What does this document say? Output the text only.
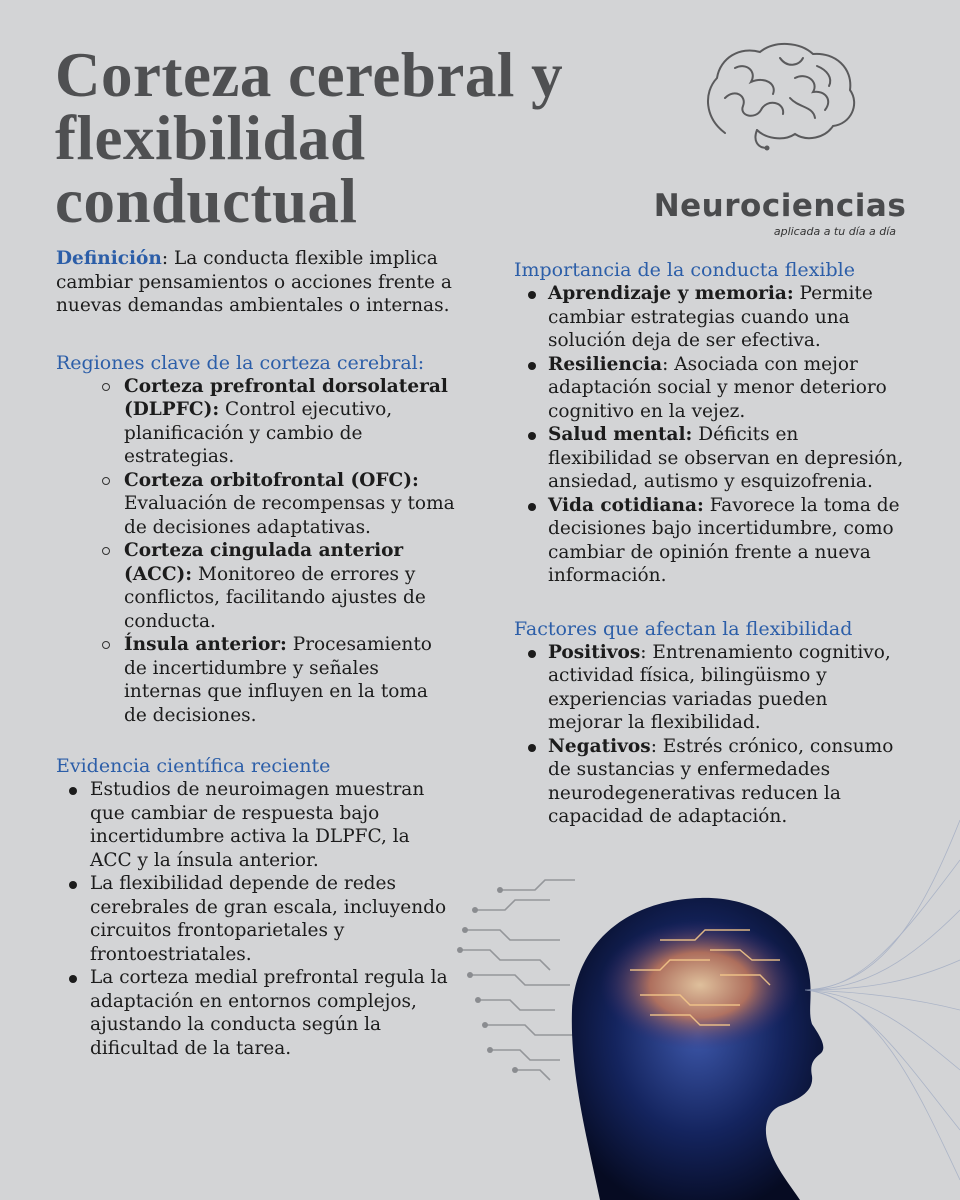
Corteza cerebral y flexibilidad conductual	Neurociencias
aplicada a tu día a día

Definición: La conducta flexible implica cambiar pensamientos o acciones frente a nuevas demandas ambientales o internas.

Regiones clave de la corteza cerebral:
Corteza prefrontal dorsolateral (DLPFC): Control ejecutivo, planificación y cambio de estrategias.
Corteza orbitofrontal (OFC): Evaluación de recompensas y toma de decisiones adaptativas.
Corteza cingulada anterior (ACC): Monitoreo de errores y conflictos, facilitando ajustes de conducta.
Ínsula anterior: Procesamiento de incertidumbre y señales internas que influyen en la toma de decisiones.
Evidencia científica reciente
Estudios de neuroimagen muestran que cambiar de respuesta bajo incertidumbre activa la DLPFC, la ACC y la ínsula anterior.
La flexibilidad depende de redes cerebrales de gran escala, incluyendo circuitos frontoparietales y frontoestriatales.
La corteza medial prefrontal regula la adaptación en entornos complejos, ajustando la conducta según la dificultad de la tarea.
Importancia de la conducta flexible
Aprendizaje y memoria: Permite cambiar estrategias cuando una solución deja de ser efectiva.
Resiliencia: Asociada con mejor adaptación social y menor deterioro cognitivo en la vejez.
Salud mental: Déficits en flexibilidad se observan en depresión, ansiedad, autismo y esquizofrenia.
Vida cotidiana: Favorece la toma de decisiones bajo incertidumbre, como cambiar de opinión frente a nueva información.
Factores que afectan la flexibilidad
Positivos: Entrenamiento cognitivo, actividad física, bilingüismo y experiencias variadas pueden mejorar la flexibilidad.
Negativos: Estrés crónico, consumo de sustancias y enfermedades neurodegenerativas reducen la capacidad de adaptación.
